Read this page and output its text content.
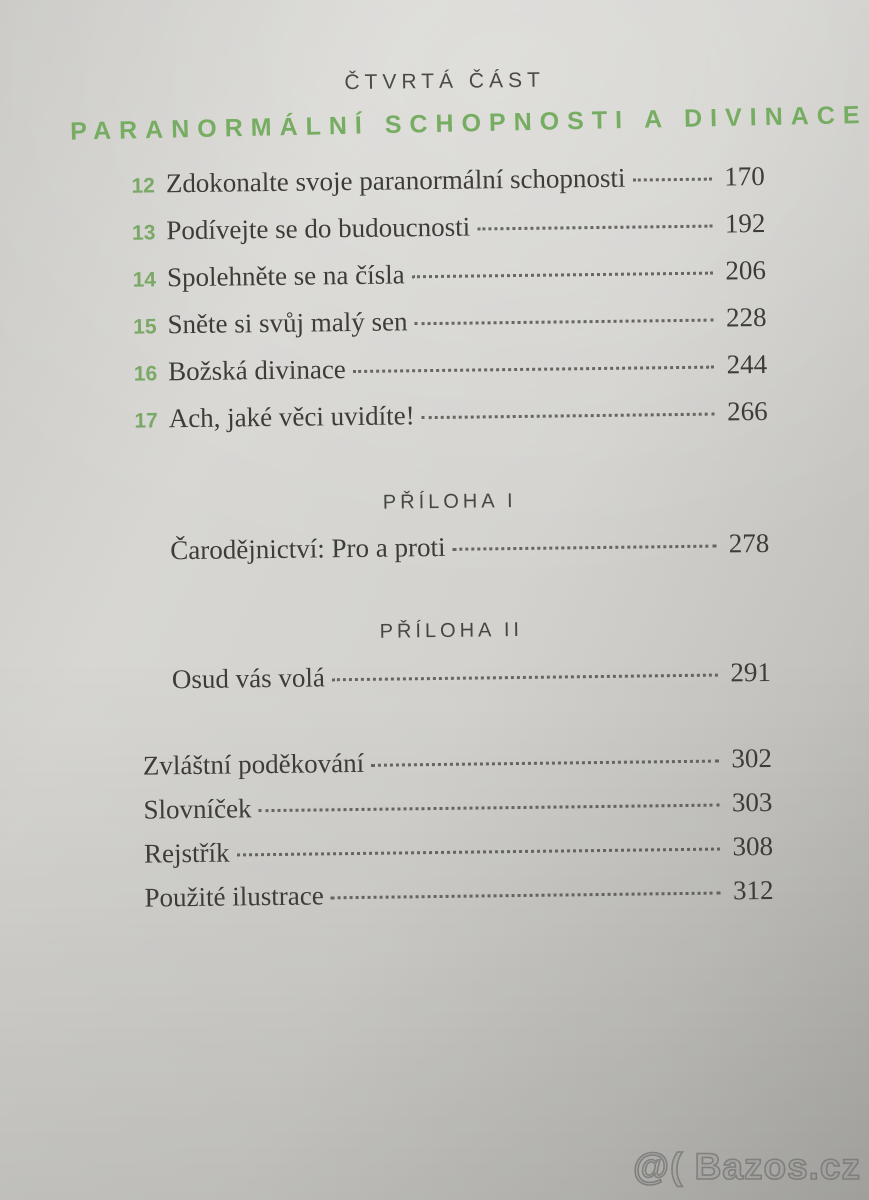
ČTVRTÁ ČÁST
PARANORMÁLNÍ SCHOPNOSTI A DIVINACE
12 Zdokonalte svoje paranormální schopnosti	170
13 Podívejte se do budoucnosti	192
14 Spolehněte se na čísla	206
15 Sněte si svůj malý sen	228
16 Božská divinace	244
17 Ach, jaké věci uvidíte!	266
PŘÍLOHA I
Čarodějnictví: Pro a proti	278
PŘÍLOHA II
Osud vás volá	291
Zvláštní poděkování	302
Slovníček	303
Rejstřík	308
Použité ilustrace	312
@( Bazos.cz
